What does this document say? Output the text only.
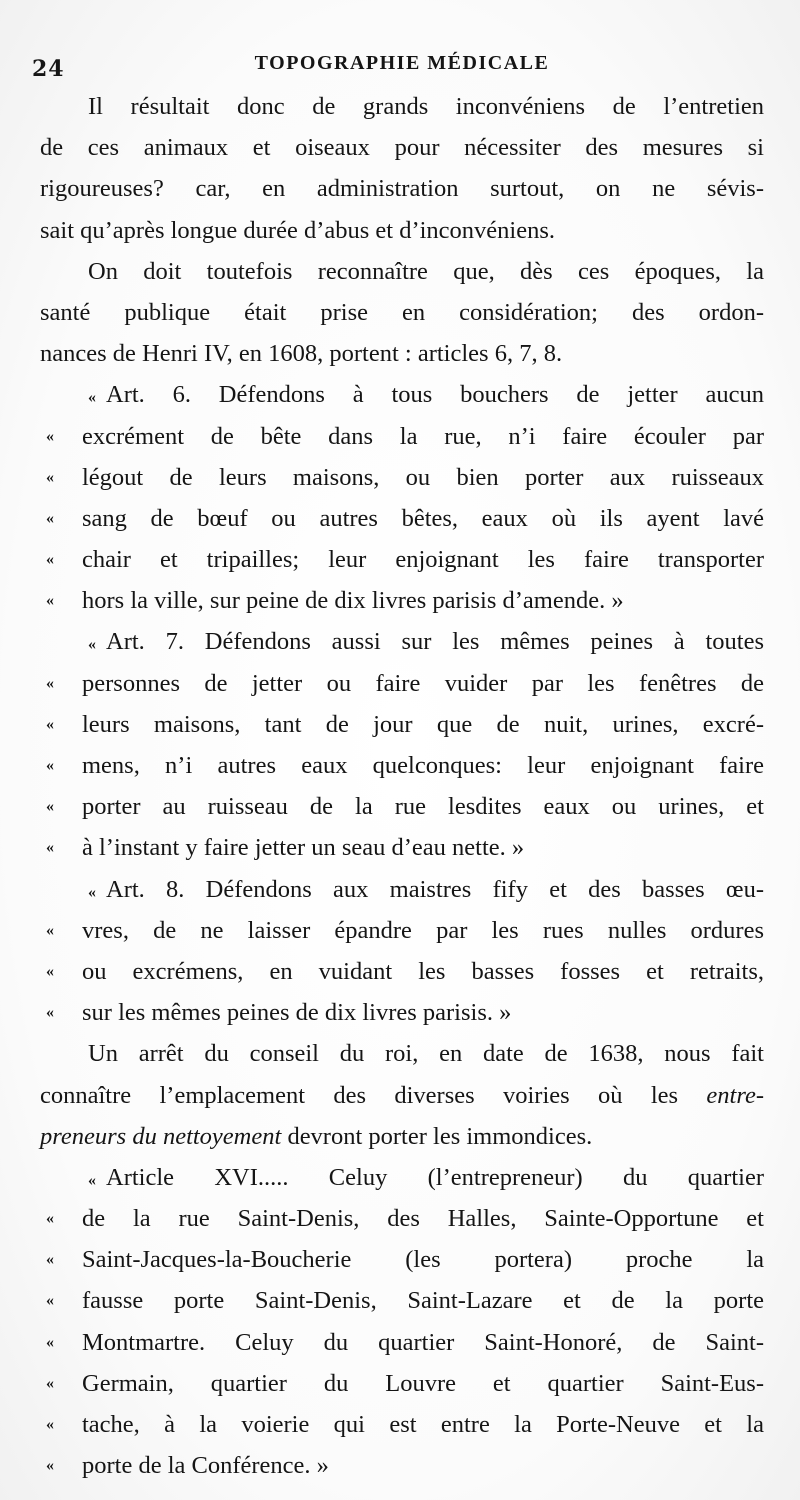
24	TOPOGRAPHIE MÉDICALE
Il résultait donc de grands inconvéniens de l’entretien
de ces animaux et oiseaux pour nécessiter des mesures si
rigoureuses? car, en administration surtout, on ne sévis-
sait qu’après longue durée d’abus et d’inconvéniens.
On doit toutefois reconnaître que, dès ces époques, la
santé publique était prise en considération; des ordon-
nances de Henri IV, en 1608, portent : articles 6, 7, 8.
« Art. 6. Défendons à tous bouchers de jetter aucun
« excrément de bête dans la rue, n’i faire écouler par
« légout de leurs maisons, ou bien porter aux ruisseaux
« sang de bœuf ou autres bêtes, eaux où ils ayent lavé
« chair et tripailles; leur enjoignant les faire transporter
« hors la ville, sur peine de dix livres parisis d’amende. »
« Art. 7. Défendons aussi sur les mêmes peines à toutes
« personnes de jetter ou faire vuider par les fenêtres de
« leurs maisons, tant de jour que de nuit, urines, excré-
« mens, n’i autres eaux quelconques: leur enjoignant faire
« porter au ruisseau de la rue lesdites eaux ou urines, et
« à l’instant y faire jetter un seau d’eau nette. »
« Art. 8. Défendons aux maistres fify et des basses œu-
« vres, de ne laisser épandre par les rues nulles ordures
« ou excrémens, en vuidant les basses fosses et retraits,
« sur les mêmes peines de dix livres parisis. »
Un arrêt du conseil du roi, en date de 1638, nous fait
connaître l’emplacement des diverses voiries où les entre-
preneurs du nettoyement devront porter les immondices.
« Article XVI..... Celuy (l’entrepreneur) du quartier
« de la rue Saint-Denis, des Halles, Sainte-Opportune et
« Saint-Jacques-la-Boucherie (les portera) proche la
« fausse porte Saint-Denis, Saint-Lazare et de la porte
« Montmartre. Celuy du quartier Saint-Honoré, de Saint-
« Germain, quartier du Louvre et quartier Saint-Eus-
« tache, à la voierie qui est entre la Porte-Neuve et la
« porte de la Conférence. »
